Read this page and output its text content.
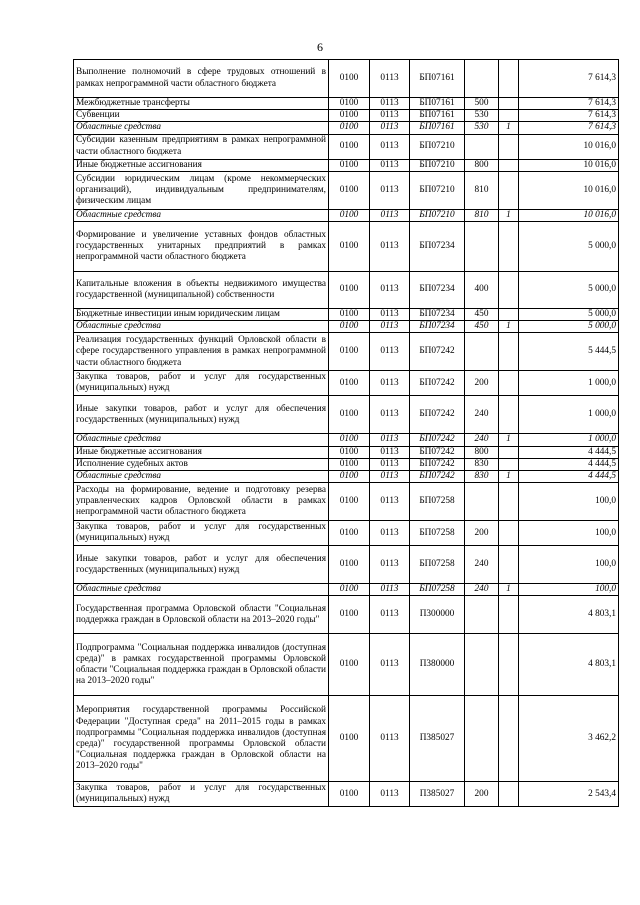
6
Выполнение полномочий в сфере трудовых отношений в рамках непрограммной части областного бюджета	0100	0113	БП07161			7 614,3
Межбюджетные трансферты	0100	0113	БП07161	500		7 614,3
Субвенции	0100	0113	БП07161	530		7 614,3
Областные средства	0100	0113	БП07161	530	1	7 614,3
Субсидии казенным предприятиям в рамках непрограммной части областного бюджета	0100	0113	БП07210			10 016,0
Иные бюджетные ассигнования	0100	0113	БП07210	800		10 016,0
Субсидии юридическим лицам (кроме некоммерческих организаций), индивидуальным предпринимателям, физическим лицам	0100	0113	БП07210	810		10 016,0
Областные средства	0100	0113	БП07210	810	1	10 016,0
Формирование и увеличение уставных фондов областных государственных унитарных предприятий в рамках непрограммной части областного бюджета	0100	0113	БП07234			5 000,0
Капитальные вложения в объекты недвижимого имущества государственной (муниципальной) собственности	0100	0113	БП07234	400		5 000,0
Бюджетные инвестиции иным юридическим лицам	0100	0113	БП07234	450		5 000,0
Областные средства	0100	0113	БП07234	450	1	5 000,0
Реализация государственных функций Орловской области в сфере государственного управления в рамках непрограммной части областного бюджета	0100	0113	БП07242			5 444,5
Закупка товаров, работ и услуг для государственных (муниципальных) нужд	0100	0113	БП07242	200		1 000,0
Иные закупки товаров, работ и услуг для обеспечения государственных (муниципальных) нужд	0100	0113	БП07242	240		1 000,0
Областные средства	0100	0113	БП07242	240	1	1 000,0
Иные бюджетные ассигнования	0100	0113	БП07242	800		4 444,5
Исполнение судебных актов	0100	0113	БП07242	830		4 444,5
Областные средства	0100	0113	БП07242	830	1	4 444,5
Расходы на формирование, ведение и подготовку резерва управленческих кадров Орловской области в рамках непрограммной части областного бюджета	0100	0113	БП07258			100,0
Закупка товаров, работ и услуг для государственных (муниципальных) нужд	0100	0113	БП07258	200		100,0
Иные закупки товаров, работ и услуг для обеспечения государственных (муниципальных) нужд	0100	0113	БП07258	240		100,0
Областные средства	0100	0113	БП07258	240	1	100,0
Государственная программа Орловской области "Социальная поддержка граждан в Орловской области на 2013–2020 годы"	0100	0113	П300000			4 803,1
Подпрограмма "Социальная поддержка инвалидов (доступная среда)" в рамках государственной программы Орловской области "Социальная поддержка граждан в Орловской области на 2013–2020 годы"	0100	0113	П380000			4 803,1
Мероприятия государственной программы Российской Федерации "Доступная среда" на 2011–2015 годы в рамках подпрограммы "Социальная поддержка инвалидов (доступная среда)" государственной программы Орловской области "Социальная поддержка граждан в Орловской области на 2013–2020 годы"	0100	0113	П385027			3 462,2
Закупка товаров, работ и услуг для государственных (муниципальных) нужд	0100	0113	П385027	200		2 543,4
